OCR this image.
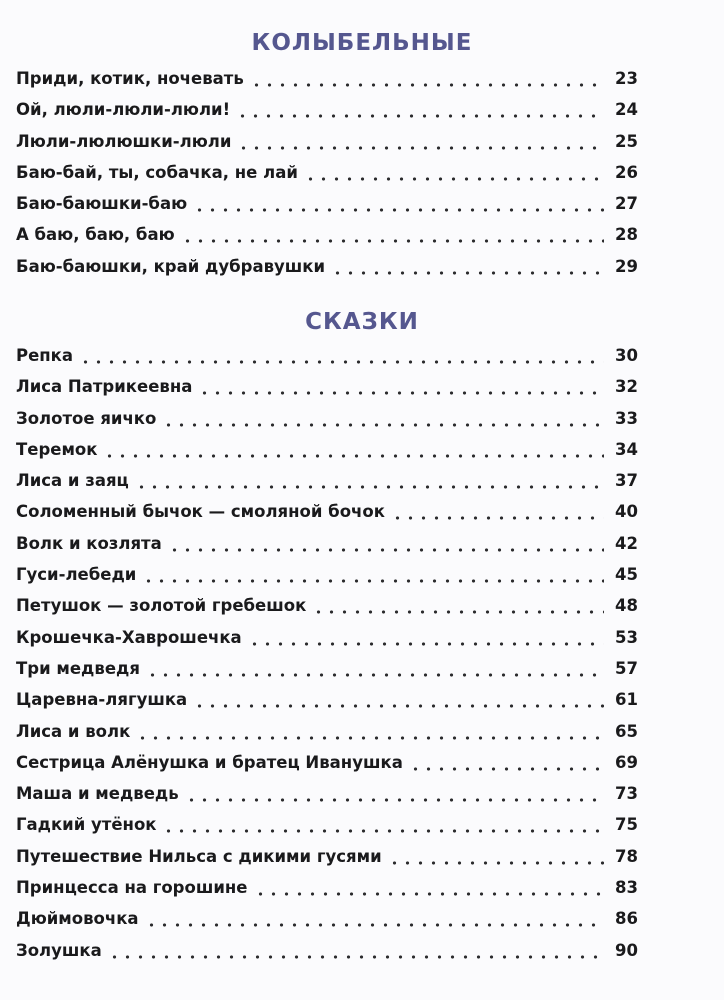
КОЛЫБЕЛЬНЫЕ
Приди, котик, ночевать	23
Ой, люли-люли-люли!	24
Люли-люлюшки-люли	25
Баю-бай, ты, собачка, не лай	26
Баю-баюшки-баю	27
А баю, баю, баю	28
Баю-баюшки, край дубравушки	29
СКАЗКИ
Репка	30
Лиса Патрикеевна	32
Золотое яичко	33
Теремок	34
Лиса и заяц	37
Соломенный бычок — смоляной бочок	40
Волк и козлята	42
Гуси-лебеди	45
Петушок — золотой гребешок	48
Крошечка-Хаврошечка	53
Три медведя	57
Царевна-лягушка	61
Лиса и волк	65
Сестрица Алёнушка и братец Иванушка	69
Маша и медведь	73
Гадкий утёнок	75
Путешествие Нильса с дикими гусями	78
Принцесса на горошине	83
Дюймовочка	86
Золушка	90
